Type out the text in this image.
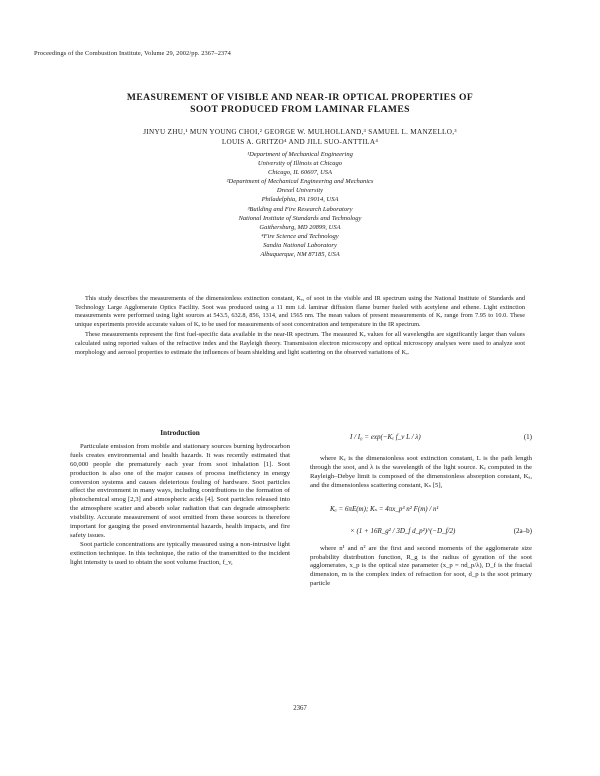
Proceedings of the Combustion Institute, Volume 29, 2002/pp. 2367–2374
MEASUREMENT OF VISIBLE AND NEAR-IR OPTICAL PROPERTIES OF
SOOT PRODUCED FROM LAMINAR FLAMES
JINYU ZHU,¹ MUN YOUNG CHOI,² GEORGE W. MULHOLLAND,³ SAMUEL L. MANZELLO,³
LOUIS A. GRITZO⁴ AND JILL SUO-ANTTILA⁴
¹Department of Mechanical Engineering
University of Illinois at Chicago
Chicago, IL 60607, USA
²Department of Mechanical Engineering and Mechanics
Drexel University
Philadelphia, PA 19014, USA
³Building and Fire Research Laboratory
National Institute of Standards and Technology
Gaithersburg, MD 20899, USA
⁴Fire Science and Technology
Sandia National Laboratory
Albuquerque, NM 87185, USA

This study describes the measurements of the dimensionless extinction constant, Kₑ, of soot in the visible and IR spectrum using the National Institute of Standards and Technology Large Agglomerate Optics Facility. Soot was produced using a 11 mm i.d. laminar diffusion flame burner fueled with acetylene and ethene. Light extinction measurements were performed using light sources at 543.5, 632.8, 856, 1314, and 1565 nm. The mean values of present measurements of Kₑ range from 7.95 to 10.0. These unique experiments provide accurate values of Kₑ to be used for measurements of soot concentration and temperature in the IR spectrum.

These measurements represent the first fuel-specific data available in the near-IR spectrum. The measured Kₑ values for all wavelengths are significantly larger than values calculated using reported values of the refractive index and the Rayleigh theory. Transmission electron microscopy and optical microscopy analyses were used to analyze soot morphology and aerosol properties to estimate the influences of beam shielding and light scattering on the observed variations of Kₑ.

Introduction

Particulate emission from mobile and stationary sources burning hydrocarbon fuels creates environmental and health hazards. It was recently estimated that 60,000 people die prematurely each year from soot inhalation [1]. Soot production is also one of the major causes of process inefficiency in energy conversion systems and causes deleterious fouling of hardware. Soot particles affect the environment in many ways, including contributions to the formation of photochemical smog [2,3] and atmospheric acids [4]. Soot particles released into the atmosphere scatter and absorb solar radiation that can degrade atmospheric visibility. Accurate measurement of soot emitted from these sources is therefore important for gauging the posed environmental hazards, health impacts, and fire safety issues.

Soot particle concentrations are typically measured using a non-intrusive light extinction technique. In this technique, the ratio of the transmitted to the incident light intensity is used to obtain the soot volume fraction, f_v,

I / I₀ = exp(−Kₑ f_v L / λ)	(1)

where Kₑ is the dimensionless soot extinction constant, L is the path length through the soot, and λ is the wavelength of the light source. Kₑ computed in the Rayleigh–Debye limit is composed of the dimensionless absorption constant, Kₐ, and the dimensionless scattering constant, Kₛ [5],

Kₐ = 6πE(m); Kₛ = 4πx_p³ n² F(m) / n¹
× (1 + 16R_g² / 3D_f d_p²)^(−D_f/2)	(2a–b)

where n¹ and n² are the first and second moments of the agglomerate size probability distribution function, R_g is the radius of gyration of the soot agglomerates, x_p is the optical size parameter (x_p = πd_p/λ), D_f is the fractal dimension, m is the complex index of refraction for soot, d_p is the soot primary particle

2367
